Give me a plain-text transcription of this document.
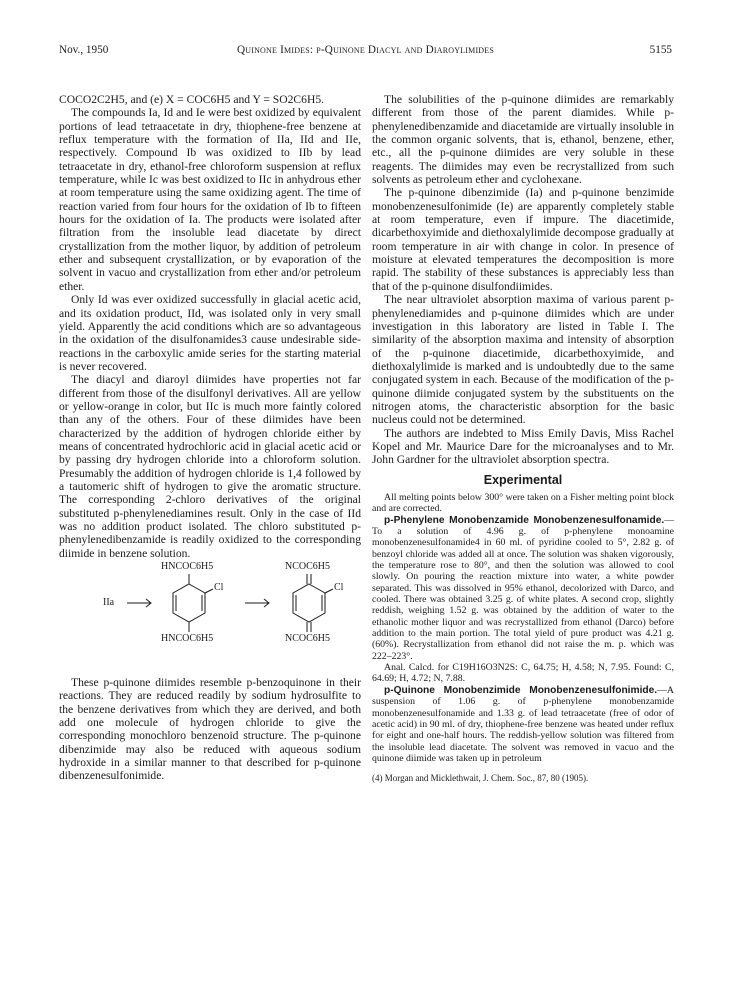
Nov., 1950	Quinone Imides: p-Quinone Diacyl and Diaroylimides	5155

COCO2C2H5, and (e) X = COC6H5 and Y = SO2C6H5.

The compounds Ia, Id and Ie were best oxidized by equivalent portions of lead tetraacetate in dry, thiophene-free benzene at reflux temperature with the formation of IIa, IId and IIe, respectively. Compound Ib was oxidized to IIb by lead tetraacetate in dry, ethanol-free chloroform suspension at reflux temperature, while Ic was best oxidized to IIc in anhydrous ether at room temperature using the same oxidizing agent. The time of reaction varied from four hours for the oxidation of Ib to fifteen hours for the oxidation of Ia. The products were isolated after filtration from the insoluble lead diacetate by direct crystallization from the mother liquor, by addition of petroleum ether and subsequent crystallization, or by evaporation of the solvent in vacuo and crystallization from ether and/or petroleum ether.

Only Id was ever oxidized successfully in glacial acetic acid, and its oxidation product, IId, was isolated only in very small yield. Apparently the acid conditions which are so advantageous in the oxidation of the disulfonamides3 cause undesirable side-reactions in the carboxylic amide series for the starting material is never recovered.

The diacyl and diaroyl diimides have properties not far different from those of the disulfonyl derivatives. All are yellow or yellow-orange in color, but IIc is much more faintly colored than any of the others. Four of these diimides have been characterized by the addition of hydrogen chloride either by means of concentrated hydrochloric acid in glacial acetic acid or by passing dry hydrogen chloride into a chloroform solution. Presumably the addition of hydrogen chloride is 1,4 followed by a tautomeric shift of hydrogen to give the aromatic structure. The corresponding 2-chloro derivatives of the original substituted p-phenylenediamines result. Only in the case of IId was no addition product isolated. The chloro substituted p-phenylenedibenzamide is readily oxidized to the corresponding diimide in benzene solution.

HNCOC6H5	NCOC6H5
HNCOC6H5	NCOC6H5
Cl	Cl
IIa

These p-quinone diimides resemble p-benzoquinone in their reactions. They are reduced readily by sodium hydrosulfite to the benzene derivatives from which they are derived, and both add one molecule of hydrogen chloride to give the corresponding monochloro benzenoid structure. The p-quinone dibenzimide may also be reduced with aqueous sodium hydroxide in a similar manner to that described for p-quinone dibenzenesulfonimide.

The solubilities of the p-quinone diimides are remarkably different from those of the parent diamides. While p-phenylenedibenzamide and diacetamide are virtually insoluble in the common organic solvents, that is, ethanol, benzene, ether, etc., all the p-quinone diimides are very soluble in these reagents. The diimides may even be recrystallized from such solvents as petroleum ether and cyclohexane.

The p-quinone dibenzimide (Ia) and p-quinone benzimide monobenzenesulfonimide (Ie) are apparently completely stable at room temperature, even if impure. The diacetimide, dicarbethoxyimide and diethoxalylimide decompose gradually at room temperature in air with change in color. In presence of moisture at elevated temperatures the decomposition is more rapid. The stability of these substances is appreciably less than that of the p-quinone disulfondiimides.

The near ultraviolet absorption maxima of various parent p-phenylenediamides and p-quinone diimides which are under investigation in this laboratory are listed in Table I. The similarity of the absorption maxima and intensity of absorption of the p-quinone diacetimide, dicarbethoxyimide, and diethoxalylimide is marked and is undoubtedly due to the same conjugated system in each. Because of the modification of the p-quinone diimide conjugated system by the substituents on the nitrogen atoms, the characteristic absorption for the basic nucleus could not be determined.

The authors are indebted to Miss Emily Davis, Miss Rachel Kopel and Mr. Maurice Dare for the microanalyses and to Mr. John Gardner for the ultraviolet absorption spectra.

Experimental

All melting points below 300° were taken on a Fisher melting point block and are corrected.

p-Phenylene Monobenzamide Monobenzenesulfonamide.—To a solution of 4.96 g. of p-phenylene monoamine monobenzenesulfonamide4 in 60 ml. of pyridine cooled to 5°, 2.82 g. of benzoyl chloride was added all at once. The solution was shaken vigorously, the temperature rose to 80°, and then the solution was allowed to cool slowly. On pouring the reaction mixture into water, a white powder separated. This was dissolved in 95% ethanol, decolorized with Darco, and cooled. There was obtained 3.25 g. of white plates. A second crop, slightly reddish, weighing 1.52 g. was obtained by the addition of water to the ethanolic mother liquor and was recrystallized from ethanol (Darco) before addition to the main portion. The total yield of pure product was 4.21 g. (60%). Recrystallization from ethanol did not raise the m. p. which was 222–223°.

Anal. Calcd. for C19H16O3N2S: C, 64.75; H, 4.58; N, 7.95. Found: C, 64.69; H, 4.72; N, 7.88.

p-Quinone Monobenzimide Monobenzenesulfonimide.—A suspension of 1.06 g. of p-phenylene monobenzamide monobenzenesulfonamide and 1.33 g. of lead tetraacetate (free of odor of acetic acid) in 90 ml. of dry, thiophene-free benzene was heated under reflux for eight and one-half hours. The reddish-yellow solution was filtered from the insoluble lead diacetate. The solvent was removed in vacuo and the quinone diimide was taken up in petroleum

(4) Morgan and Micklethwait, J. Chem. Soc., 87, 80 (1905).
